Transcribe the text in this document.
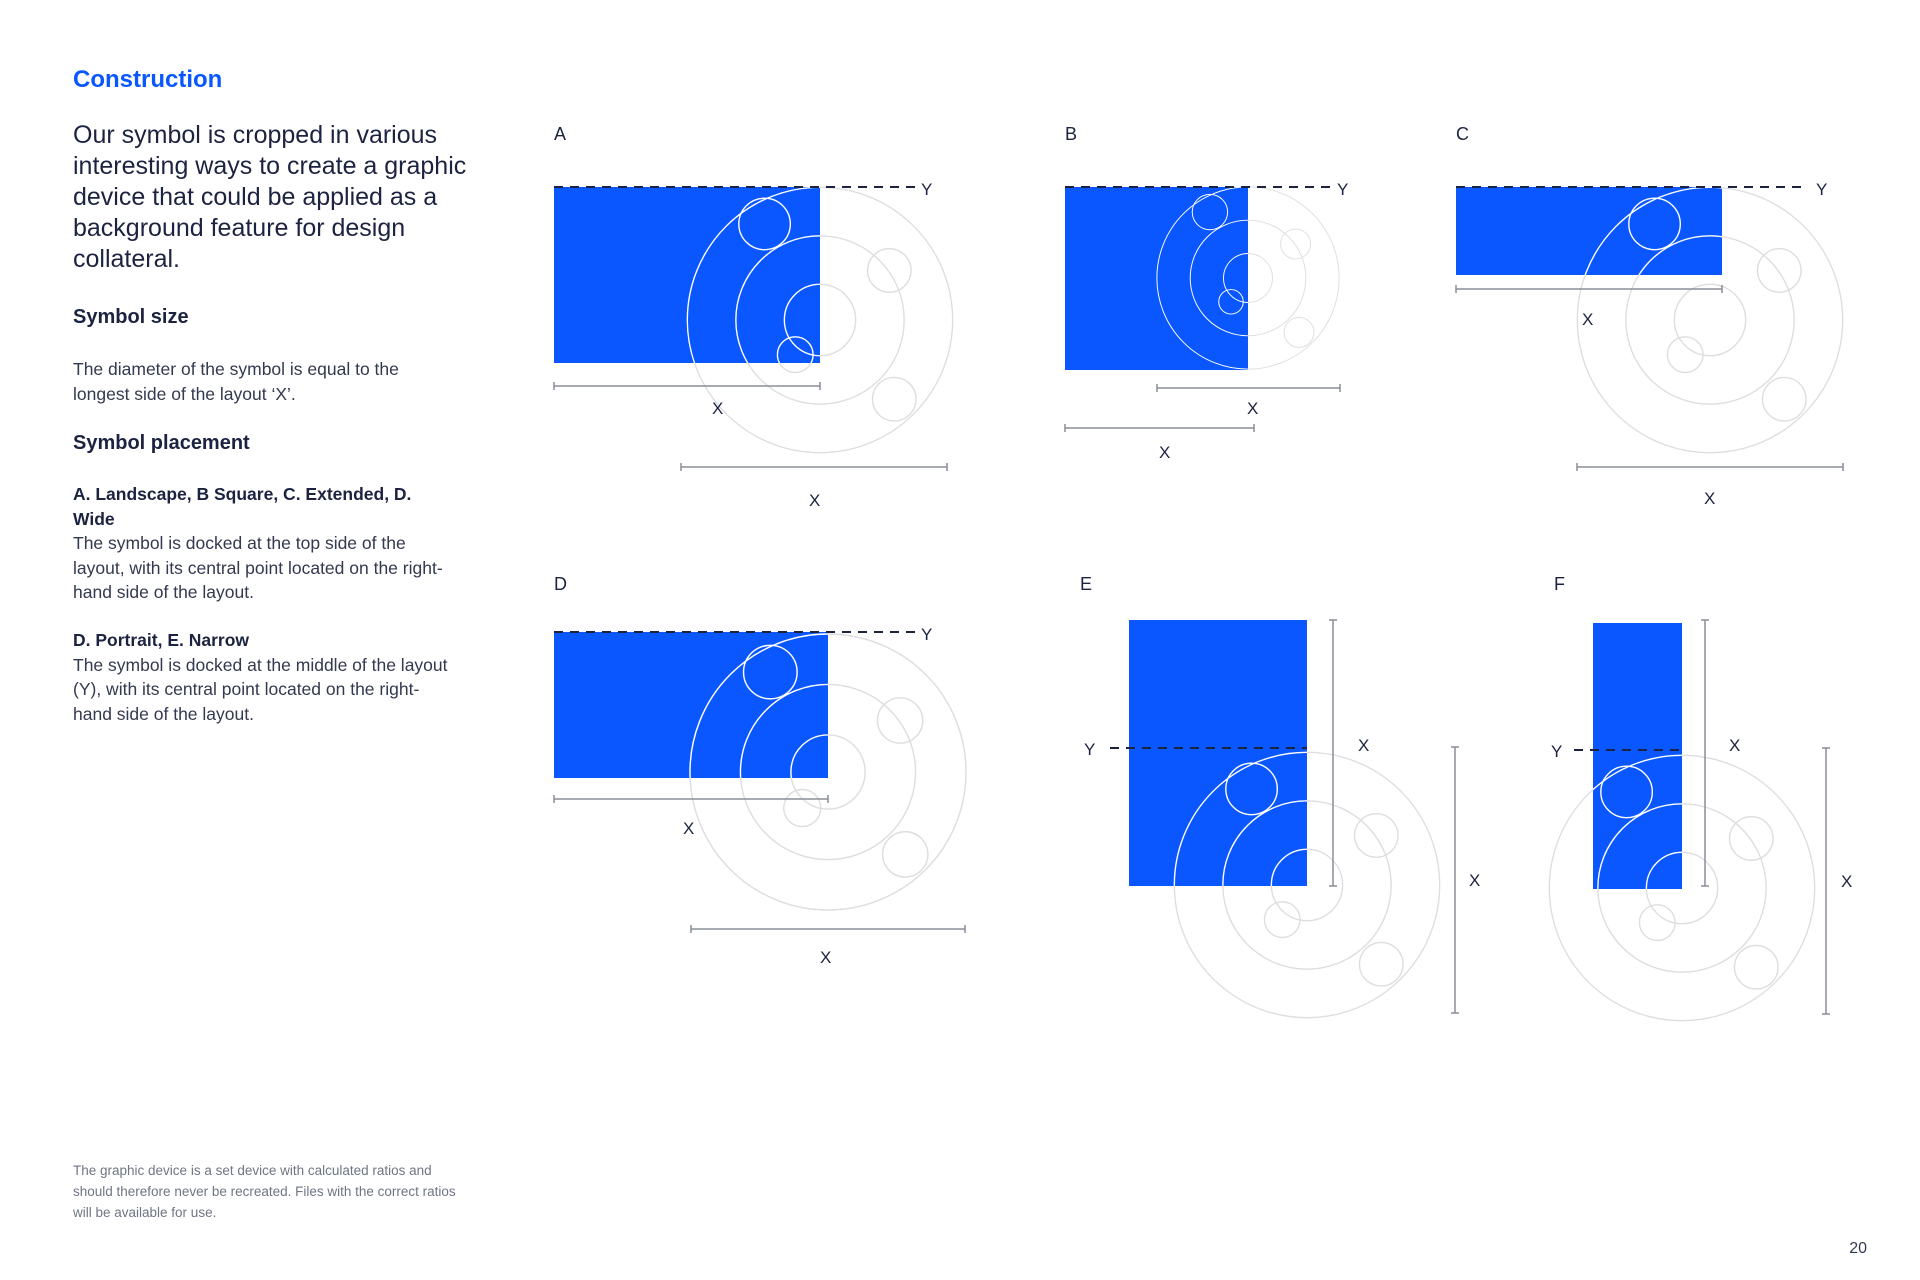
Construction
Our symbol is cropped in various interesting ways to create a graphic device that could be applied as a background feature for design collateral.
Symbol size
The diameter of the symbol is equal to the longest side of the layout ‘X’.
Symbol placement
A. Landscape, B Square, C. Extended, D. Wide
The symbol is docked at the top side of the layout, with its central point located on the right-hand side of the layout.
D. Portrait, E. Narrow
The symbol is docked at the middle of the layout (Y), with its central point located on the right-hand side of the layout.
The graphic device is a set device with calculated ratios and should therefore never be recreated. Files with the correct ratios will be available for use.
20
A
Y
X
X
B
Y
X
X
C
Y
X
X
D
Y
X
X
E
Y	X
X
F
Y	X
X
